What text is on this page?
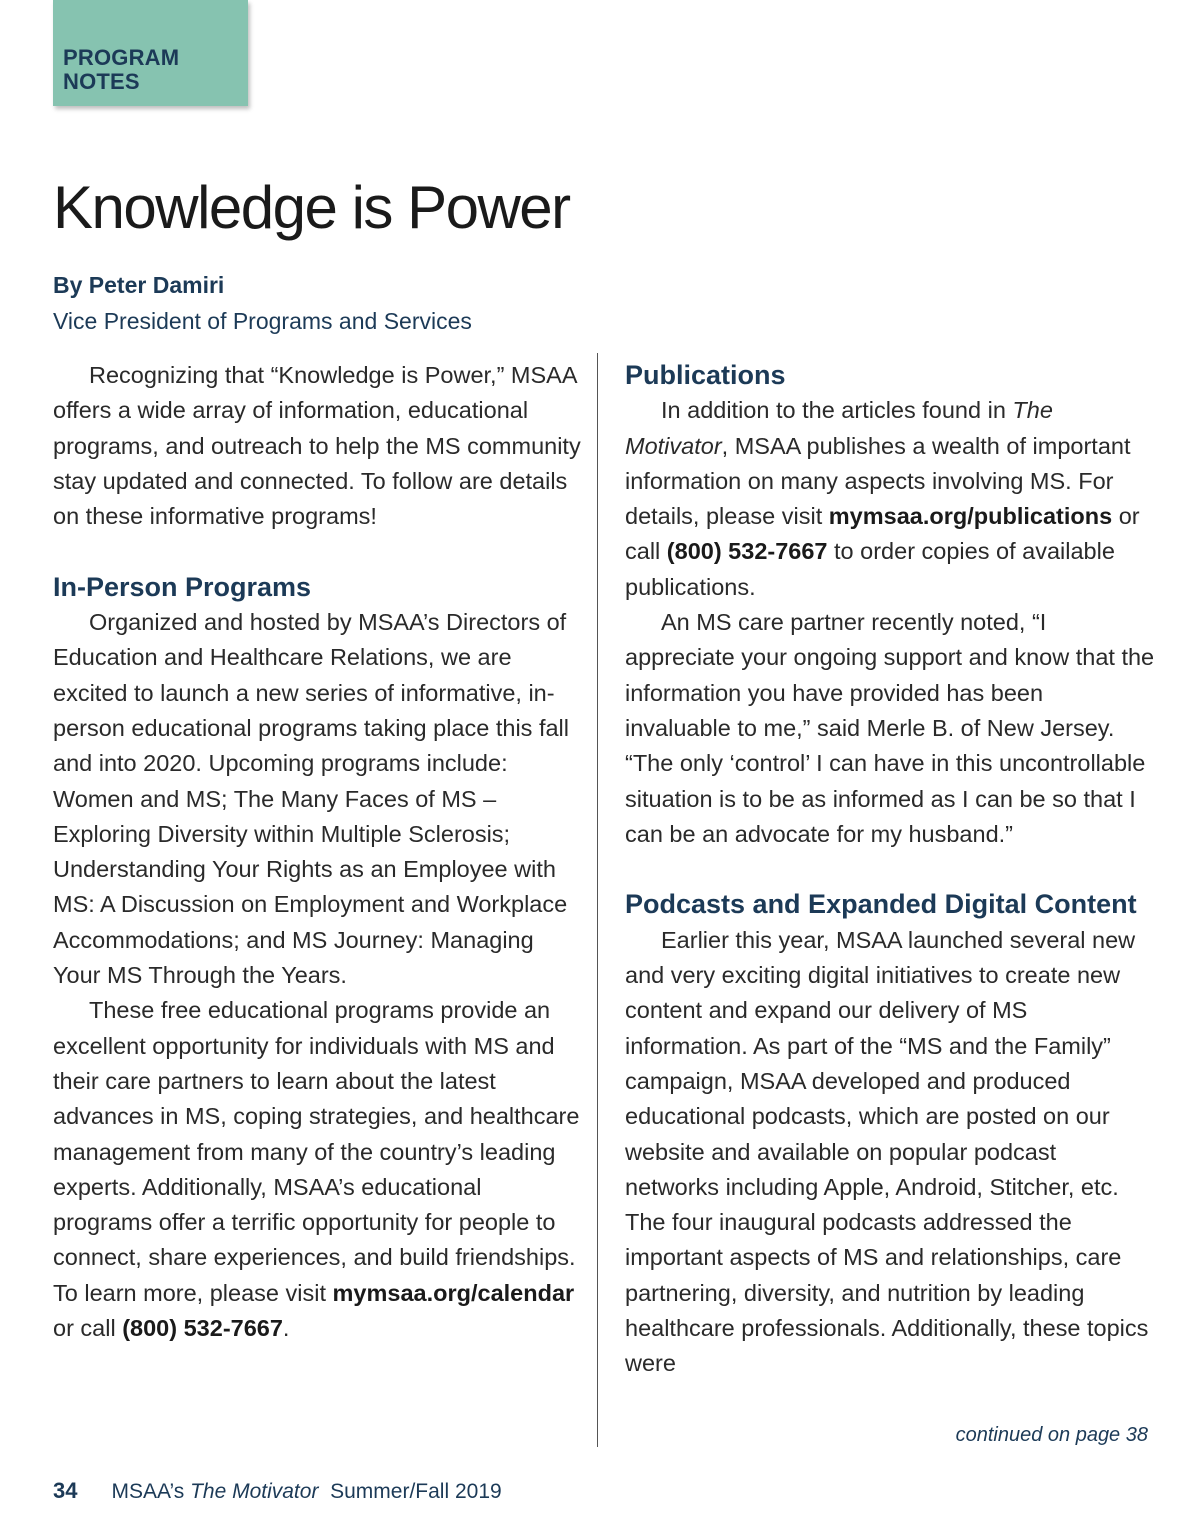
PROGRAM
NOTES
Knowledge is Power
By Peter Damiri
Vice President of Programs and Services

Recognizing that “Knowledge is Power,” MSAA offers a wide array of information, educational programs, and outreach to help the MS community stay updated and connected. To follow are details on these informative programs!

In-Person Programs

Organized and hosted by MSAA’s Directors of Education and Healthcare Relations, we are excited to launch a new series of informative, in-person educational programs taking place this fall and into 2020. Upcoming programs include: Women and MS; The Many Faces of MS – Exploring Diversity within Multiple Sclerosis; Understanding Your Rights as an Employee with MS: A Discussion on Employment and Workplace Accommodations; and MS Journey: Managing Your MS Through the Years.

These free educational programs provide an excellent opportunity for individuals with MS and their care partners to learn about the latest advances in MS, coping strategies, and healthcare management from many of the country’s leading experts. Additionally, MSAA’s educational programs offer a terrific opportunity for people to connect, share experiences, and build friendships. To learn more, please visit mymsaa.org/calendar or call (800) 532-7667.

Publications

In addition to the articles found in The Motivator, MSAA publishes a wealth of important information on many aspects involving MS. For details, please visit mymsaa.org/publications or call (800) 532-7667 to order copies of available publications.

An MS care partner recently noted, “I appreciate your ongoing support and know that the information you have provided has been invaluable to me,” said Merle B. of New Jersey. “The only ‘control’ I can have in this uncontrollable situation is to be as informed as I can be so that I can be an advocate for my husband.”

Podcasts and Expanded Digital Content

Earlier this year, MSAA launched several new and very exciting digital initiatives to create new content and expand our delivery of MS information. As part of the “MS and the Family” campaign, MSAA developed and produced educational podcasts, which are posted on our website and available on popular podcast networks including Apple, Android, Stitcher, etc. The four inaugural podcasts addressed the important aspects of MS and relationships, care partnering, diversity, and nutrition by leading healthcare professionals. Additionally, these topics were

continued on page 38
34 MSAA’s The Motivator Summer/Fall 2019
